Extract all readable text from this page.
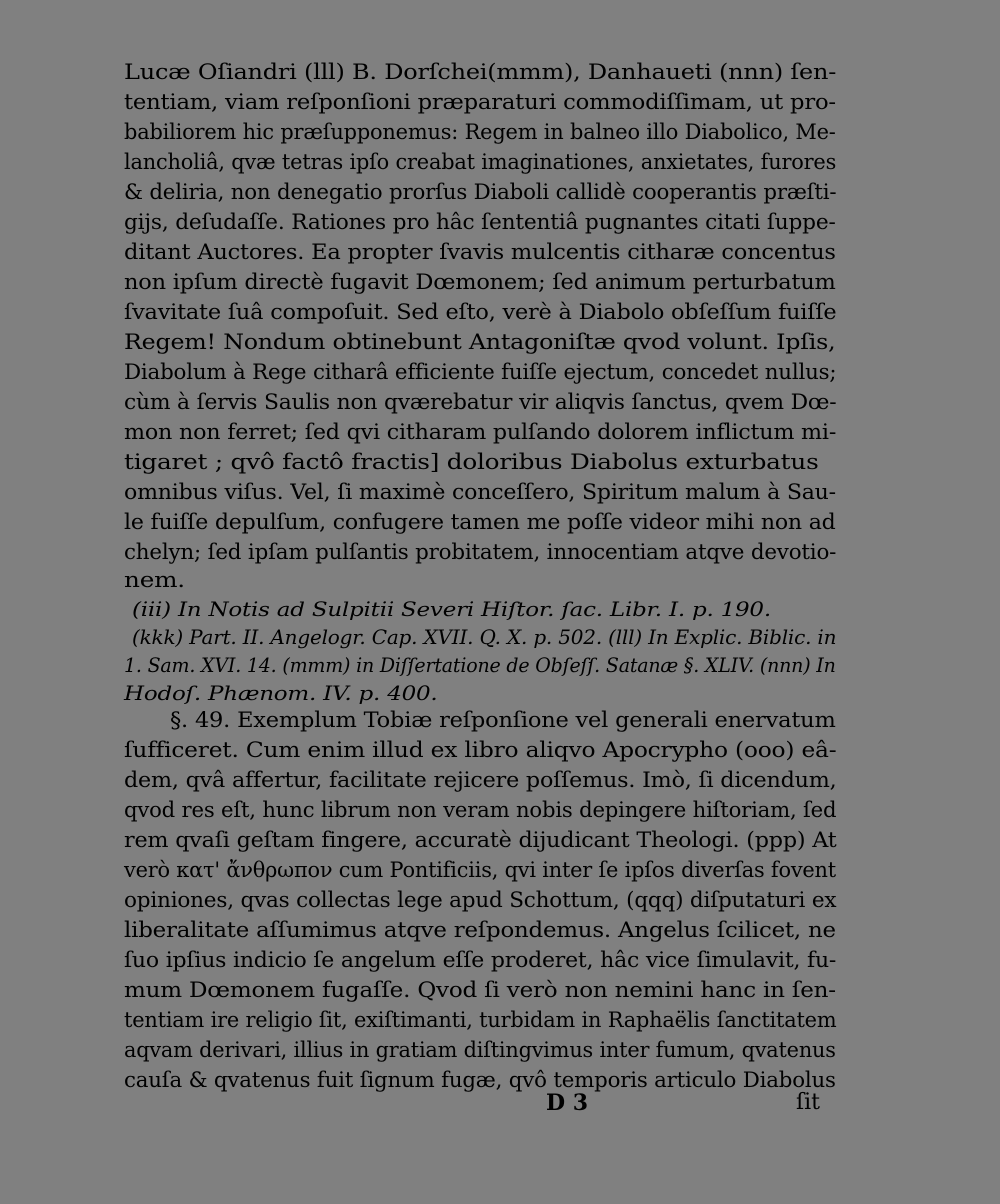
Lucæ Oſiandri (lll) B. Dorſchei(mmm), Danhaueti (nnn) ſen-
tentiam, viam reſponſioni præparaturi commodiſſimam, ut pro-
babiliorem hic præſupponemus: Regem in balneo illo Diabolico, Me-
lancholiâ, qvæ tetras ipſo creabat imaginationes, anxietates, furores
& deliria, non denegatio prorſus Diaboli callidè cooperantis præſti-
gijs, deſudaſſe. Rationes pro hâc ſententiâ pugnantes citati ſuppe-
ditant Auctores. Ea propter ſvavis mulcentis citharæ concentus
non ipſum directè fugavit Dœmonem; ſed animum perturbatum
ſvavitate ſuâ compoſuit. Sed eſto, verè à Diabolo obſeſſum fuiſſe
Regem! Nondum obtinebunt Antagoniſtæ qvod volunt. Ipſis,
Diabolum à Rege citharâ efficiente fuiſſe ejectum, concedet nullus;
cùm à ſervis Saulis non qværebatur vir aliqvis ſanctus, qvem Dœ-
mon non ferret; ſed qvi citharam pulſando dolorem inflictum mi-
tigaret ; qvô factô fractis] doloribus Diabolus exturbatus
omnibus viſus. Vel, ſi maximè conceſſero, Spiritum malum à Sau-
le fuiſſe depulſum, confugere tamen me poſſe videor mihi non ad
chelyn; ſed ipſam pulſantis probitatem, innocentiam atqve devotio-
nem.
(iii) In Notis ad Sulpitii Severi Hiſtor. ſac. Libr. I. p. 190.
(kkk) Part. II. Angelogr. Cap. XVII. Q. X. p. 502. (lll) In Explic. Biblic. in
1. Sam. XVI. 14. (mmm) in Diſſertatione de Obſeſſ. Satanæ §. XLIV. (nnn) In
Hodoſ. Phænom. IV. p. 400.
§. 49. Exemplum Tobiæ reſponſione vel generali enervatum
ſufficeret. Cum enim illud ex libro aliqvo Apocrypho (ooo) eâ-
dem, qvâ affertur, facilitate rejicere poſſemus. Imò, ſi dicendum,
qvod res eſt, hunc librum non veram nobis depingere hiſtoriam, ſed
rem qvaſi geſtam fingere, accuratè dijudicant Theologi. (ppp) At
verò κατ' ἄνθρωπον cum Pontificiis, qvi inter ſe ipſos diverſas fovent
opiniones, qvas collectas lege apud Schottum, (qqq) diſputaturi ex
liberalitate aſſumimus atqve reſpondemus. Angelus ſcilicet, ne
ſuo ipſius indicio ſe angelum eſſe proderet, hâc vice ſimulavit, fu-
mum Dœmonem fugaſſe. Qvod ſi verò non nemini hanc in ſen-
tentiam ire religio ſit, exiſtimanti, turbidam in Raphaëlis ſanctitatem
aqvam derivari, illius in gratiam diſtingvimus inter fumum, qvatenus
cauſa & qvatenus fuit ſignum fugæ, qvô temporis articulo Diabolus
D 3	ſit
